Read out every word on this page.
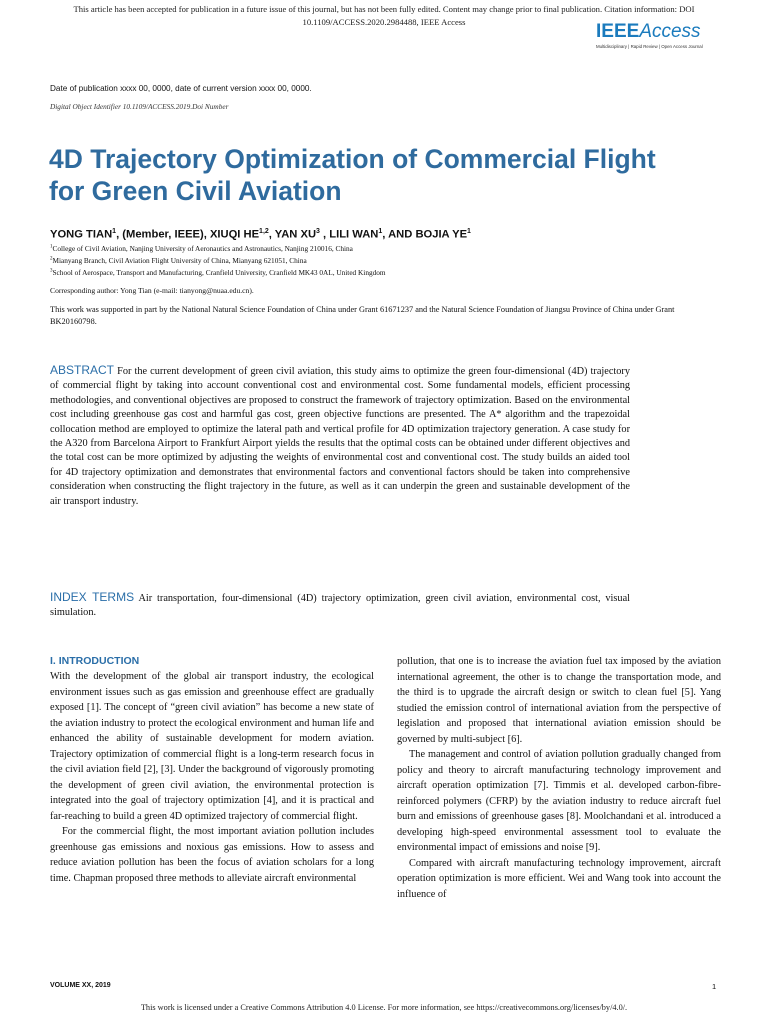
This article has been accepted for publication in a future issue of this journal, but has not been fully edited. Content may change prior to final publication. Citation information: DOI
10.1109/ACCESS.2020.2984488, IEEE Access	IEEEAccess
Multidisciplinary | Rapid Review | Open Access Journal
Date of publication xxxx 00, 0000, date of current version xxxx 00, 0000.
Digital Object Identifier 10.1109/ACCESS.2019.Doi Number
4D Trajectory Optimization of Commercial Flight for Green Civil Aviation
YONG TIAN$^1$, (Member, IEEE), XIUQI HE$^{1,2}$, YAN $XU^3$ , LILI WAN$^1$, AND BOJIA $YE^1$
$^1$College of Civil Aviation, Nanjing University of Aeronautics and Astronautics, Nanjing 210016, China
$^2$Mianyang Branch, Civil Aviation Flight University of China, Mianyang 621051, China
$^3$School of Aerospace, Transport and Manufacturing, Cranfield University, Cranfield MK43 0AL, United Kingdom
Corresponding author: Yong Tian (e-mail: tianyong@nuaa.edu.cn).
This work was supported in part by the National Natural Science Foundation of China under Grant 61671237 and the Natural Science Foundation of Jiangsu Province of China under Grant BK20160798.
ABSTRACT For the current development of green civil aviation, this study aims to optimize the green four-dimensional (4D) trajectory of commercial flight by taking into account conventional cost and environmental cost. Some fundamental models, efficient processing methodologies, and conventional objectives are proposed to construct the framework of trajectory optimization. Based on the environmental cost including greenhouse gas cost and harmful gas cost, green objective functions are presented. The A* algorithm and the trapezoidal collocation method are employed to optimize the lateral path and vertical profile for 4D optimization trajectory generation. A case study for the A320 from Barcelona Airport to Frankfurt Airport yields the results that the optimal costs can be obtained under different objectives and the total cost can be more optimized by adjusting the weights of environmental cost and conventional cost. The study builds an aided tool for 4D trajectory optimization and demonstrates that environmental factors and conventional factors should be taken into comprehensive consideration when constructing the flight trajectory in the future, as well as it can underpin the green and sustainable development of the air transport industry.
INDEX TERMS Air transportation, four-dimensional (4D) trajectory optimization, green civil aviation, environmental cost, visual simulation.
I. INTRODUCTION

With the development of the global air transport industry, the ecological environment issues such as gas emission and greenhouse effect are gradually exposed [1]. The concept of “green civil aviation” has become a new state of the aviation industry to protect the ecological environment and human life and enhanced the ability of sustainable development for modern aviation. Trajectory optimization of commercial flight is a long-term research focus in the civil aviation field [2], [3]. Under the background of vigorously promoting the development of green civil aviation, the environmental protection is integrated into the goal of trajectory optimization [4], and it is practical and far-reaching to build a green 4D optimized trajectory of commercial flight.

For the commercial flight, the most important aviation pollution includes greenhouse gas emissions and noxious gas emissions. How to assess and reduce aviation pollution has been the focus of aviation scholars for a long time. Chapman proposed three methods to alleviate aircraft environmental

pollution, that one is to increase the aviation fuel tax imposed by the aviation international agreement, the other is to change the transportation mode, and the third is to upgrade the aircraft design or switch to clean fuel [5]. Yang studied the emission control of international aviation from the perspective of legislation and proposed that international aviation emission should be governed by multi-subject [6].

The management and control of aviation pollution gradually changed from policy and theory to aircraft manufacturing technology improvement and aircraft operation optimization [7]. Timmis et al. developed carbon-fibre-reinforced polymers (CFRP) by the aviation industry to reduce aircraft fuel burn and emissions of greenhouse gases [8]. Moolchandani et al. introduced a developing high-speed environmental assessment tool to evaluate the environmental impact of emissions and noise [9].

Compared with aircraft manufacturing technology improvement, aircraft operation optimization is more efficient. Wei and Wang took into account the influence of

VOLUME XX, 2019	1
This work is licensed under a Creative Commons Attribution 4.0 License. For more information, see https://creativecommons.org/licenses/by/4.0/.
